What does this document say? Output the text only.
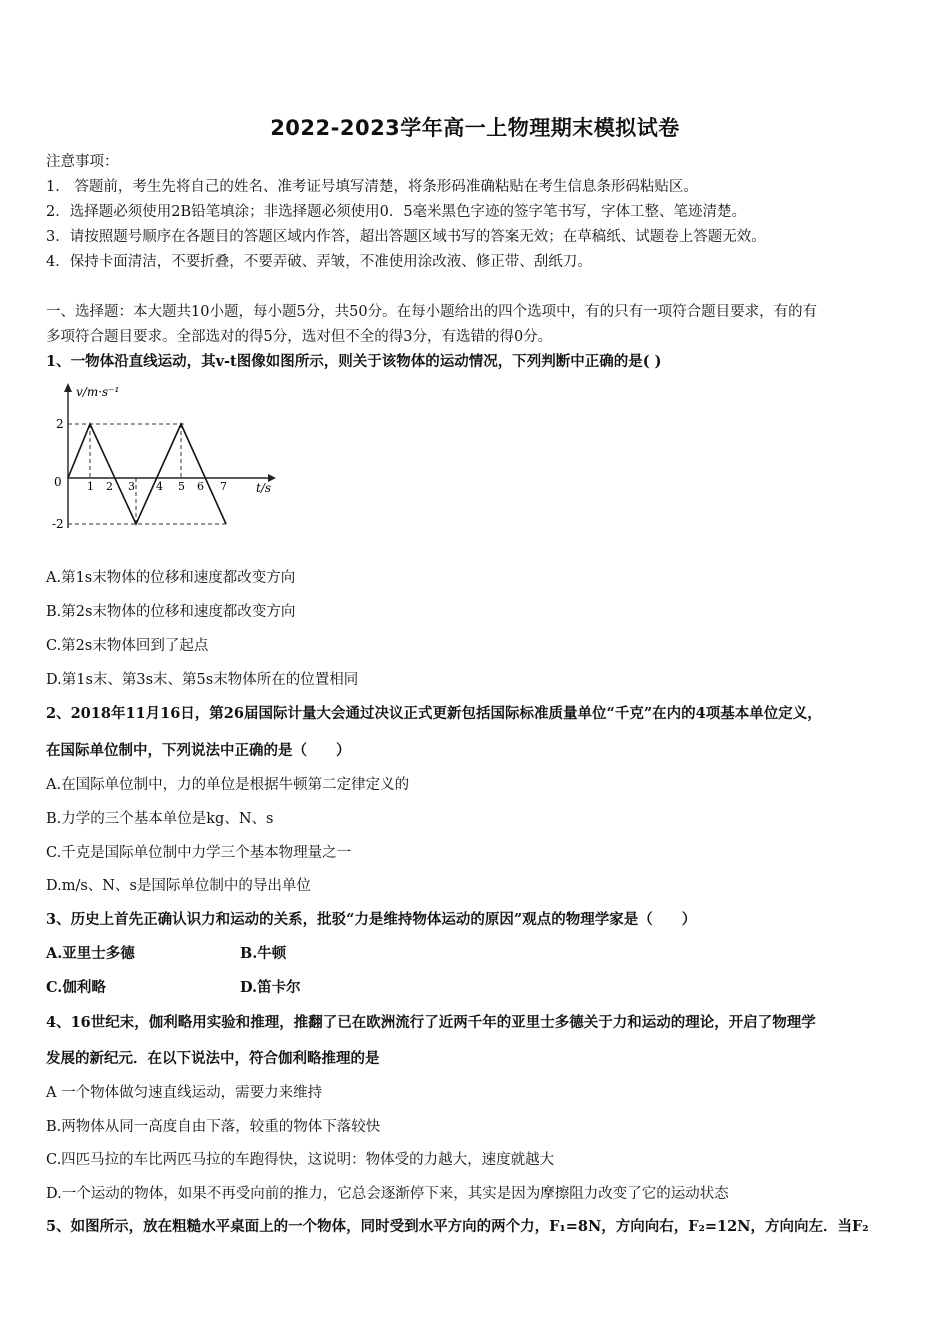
2022-2023学年高一上物理期末模拟试卷
注意事项：
1． 答题前，考生先将自己的姓名、准考证号填写清楚，将条形码准确粘贴在考生信息条形码粘贴区。
2．选择题必须使用2B铅笔填涂；非选择题必须使用0．5毫米黑色字迹的签字笔书写，字体工整、笔迹清楚。
3．请按照题号顺序在各题目的答题区域内作答，超出答题区域书写的答案无效；在草稿纸、试题卷上答题无效。
4．保持卡面清洁，不要折叠，不要弄破、弄皱，不准使用涂改液、修正带、刮纸刀。
一、选择题：本大题共10小题，每小题5分，共50分。在每小题给出的四个选项中，有的只有一项符合题目要求，有的有
多项符合题目要求。全部选对的得5分，选对但不全的得3分，有选错的得0分。
1、一物体沿直线运动，其v-t图像如图所示，则关于该物体的运动情况，下列判断中正确的是( )
v/m·s⁻¹
2
-2
0 1 2 3 4 5 6 7 t/s
A.第1s末物体的位移和速度都改变方向
B.第2s末物体的位移和速度都改变方向
C.第2s末物体回到了起点
D.第1s末、第3s末、第5s末物体所在的位置相同
2、2018年11月16日，第26届国际计量大会通过决议正式更新包括国际标准质量单位“千克”在内的4项基本单位定义，
在国际单位制中，下列说法中正确的是（　　）
A.在国际单位制中，力的单位是根据牛顿第二定律定义的
B.力学的三个基本单位是kg、N、s
C.千克是国际单位制中力学三个基本物理量之一
D.m/s、N、s是国际单位制中的导出单位
3、历史上首先正确认识力和运动的关系，批驳“力是维持物体运动的原因”观点的物理学家是（　　）
A.亚里士多德	B.牛顿
C.伽利略	D.笛卡尔
4、16世纪末，伽利略用实验和推理，推翻了已在欧洲流行了近两千年的亚里士多德关于力和运动的理论，开启了物理学
发展的新纪元．在以下说法中，符合伽利略推理的是
A 一个物体做匀速直线运动，需要力来维持
B.两物体从同一高度自由下落，较重的物体下落较快
C.四匹马拉的车比两匹马拉的车跑得快，这说明：物体受的力越大，速度就越大
D.一个运动的物体，如果不再受向前的推力，它总会逐渐停下来，其实是因为摩擦阻力改变了它的运动状态
5、如图所示，放在粗糙水平桌面上的一个物体，同时受到水平方向的两个力，F₁=8N，方向向右，F₂=12N，方向向左．当F₂
